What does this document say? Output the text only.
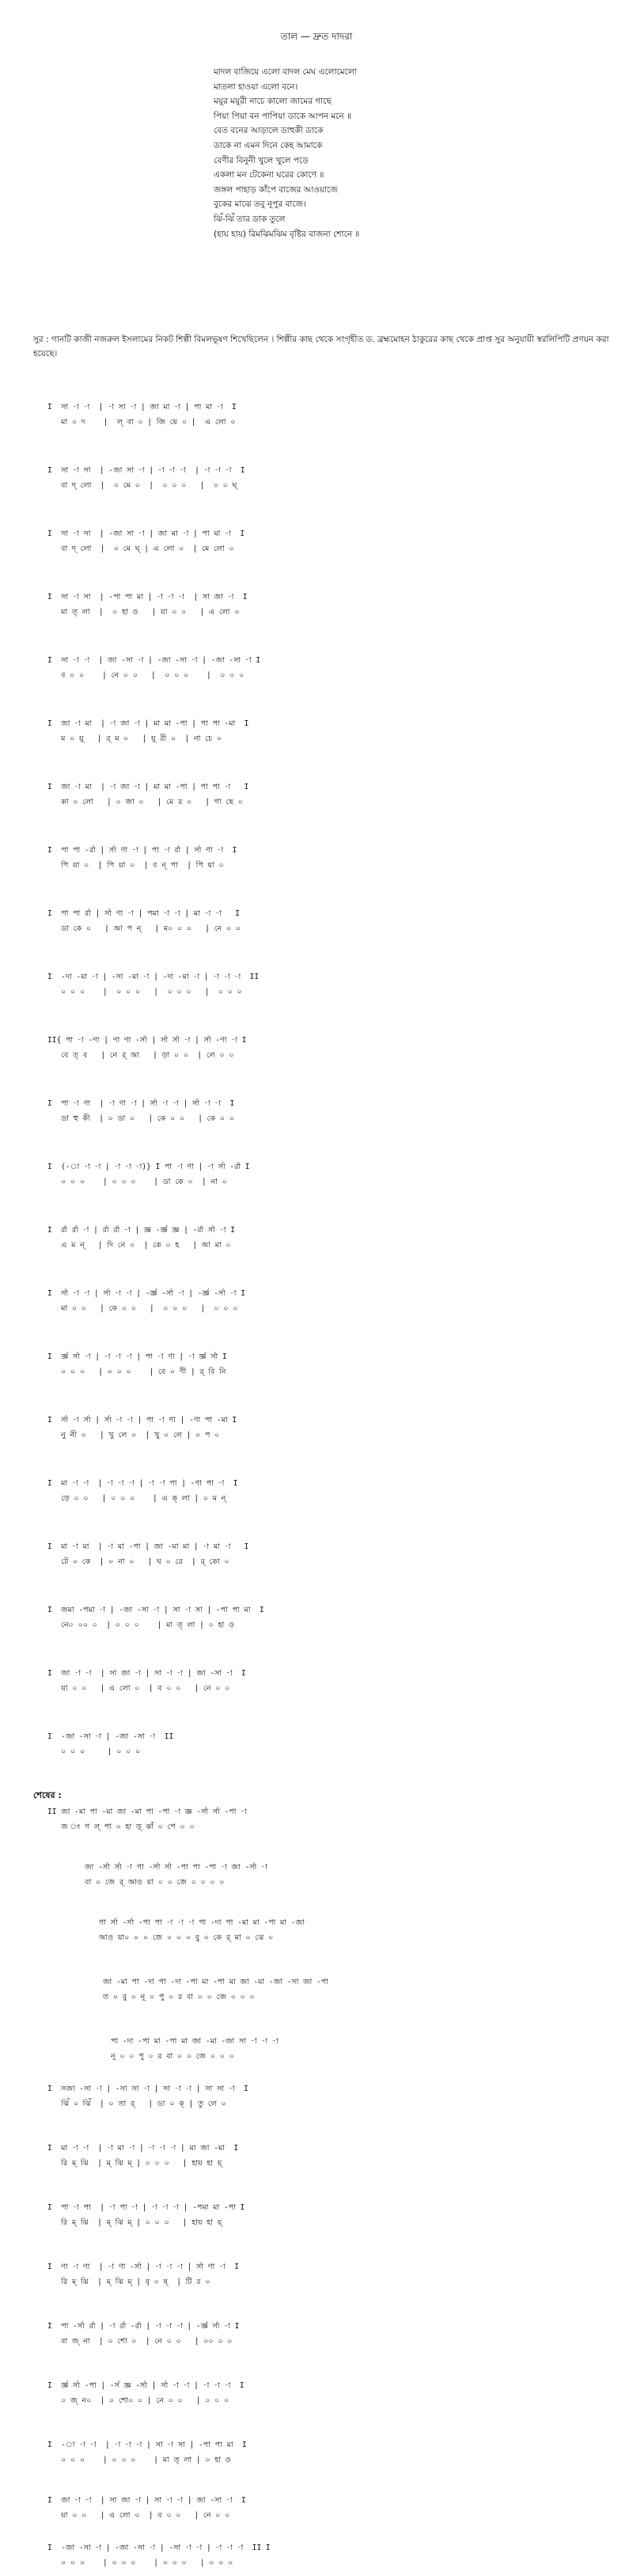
তাল — দ্রুত দাদরা
মাদল বাজিয়ে এলো বাদল মেঘ এলোমেলো
মাতলা হাওয়া এলো বনে।
ময়ূর ময়ূরী নাচে কালো জামের গাছে
পিয়া পিয়া বন পাপিয়া ডাকে আপন মনে ॥
বেত বনের আড়ালে ডাহুকী ডাকে
ডাকে না এমন দিনে কেহ আমাকে
বেণীর বিনুনী খুলে খুলে পড়ে
একলা মন টেকেনা ঘরের কোণে ॥
জঙ্গল পাহাড় কাঁপে বাজের আওয়াজে
বুকের মাঝে তবু নূপুর বাজে।
ঝিঁ-ঝিঁ তার ডাক তুলে
(হায় হায়) রিমঝিমঝিম বৃষ্টির বাজনা শোনে ॥
সুর : গানটি কাজী নজরুল ইসলামের নিকট শিল্পী বিমলভূষণ শিখেছিলেন । শিল্পীর কাছ থেকে সংগৃহীত ড. ব্রহ্মমোহন ঠাকুরের কাছ থেকে প্রাপ্ত সুর অনুযায়ী স্বরলিপিটি প্রণয়ন করা হয়েছে।
I  সা -া -া  | -া সা -া | জা মা -া | পা মা -া  I
মা ০ দ    |  ল্ বা ০ | জি য়ে ০ |  এ লো ০
I  সা -া সা  | -জা সা -া | -া -া -া  | -া -া -া  I
বা দ্ লো  |  ০ মে ০  |  ০ ০ ০   |  ০ ০ ঘ্
I  সা -া সা  | -জা সা -া | জা মা -া | পা মা -া  I
বা দ্ লো  |  ০ মে ঘ্ | এ লো ০  | মে লো ০
I  সা -া সা  | -পা পা মা | -া -া -া  | সা জা -া  I
মা ত্ লা  |  ০ হা ও   | য়া ০ ০   | এ লো ০
I  সা -া -া  | জা -সা -া | -জা -সা -া | -জা -সা -া I
ব ০ ০    | নে ০ ০   |  ০ ০ ০    |  ০ ০ ০
I  জা -া মা  | -া জা -া | মা মা -পা | পা পা -মা  I
ম ০ য়ূ   | র্ ম ০   | য়ূ রী ০  | না চে ০
I  জা -া মা  | -া জা -া | মা মা -পা | পা পা -া   I
কা ০ লো   | ০ জা ০   | মে র ০   | গা ছে ০
I  পা পা -র্রা | র্সা ণা -া | পা -া র্রা | র্সা ণা -া  I
পি য়া ০  | পি য়া ০  | ব ন্ পা  | পি য়া ০
I  পা পা র্রা | র্সা ণা -া | পমা -া -া | মা -া -া   I
ডা কে ০   | আ প ন্   | ম০ ০ ০   | নে ০ ০
I  -দা -মা -া | -সা -মা -া | -দা -মা -া | -া -া -া  II
০ ০ ০    |  ০ ০ ০   |  ০ ০ ০   |  ০ ০ ০
II{ পা -া -ণা | ণা ণা -র্সা | র্সা র্সা -া | র্সা -ণা -া I
বে ত্ ব   | নে র্ আ   | ড়া ০ ০  | লে ০ ০
I  পা -া ণা  | -া ণা -া | র্সা -া -া | র্সা -া -া  I
ডা হু কী  | ০ ডা ০   | কে ০ ০   | কে ০ ০
I  (-া -া -া | -া -া -া)} I পা -া ণা | -া র্সা -র্রা I
০ ০ ০    | ০ ০ ০    | ডা কে ০  | না ০
I  র্রা র্রা -া | র্রা র্রা -া | জ্ঞ -র্জ্ঞ জ্ঞ | -র্রা র্সা -া I
এ ম ন্   | দি নে ০  | কে ০ হ   | আ মা ০
I  র্সা -া -া | র্সা -া -া | -র্জ্ঞ -র্সা -া | -র্জ্ঞ -র্সা -া I
মা ০ ০   | কে ০ ০   |  ০ ০ ০   |  ০ ০ ০
I  র্জ্ঞ র্সা -া | -া -া -া | পা -া ণা | -া র্জ্ঞ র্সা I
০ ০ ০   | ০ ০ ০    | বে ০ ণী | র্ বি নি
I  র্সা -া র্সা | র্সা -া -া | পা -া ণা | -ণা পা -মা I
নু নী ০   | খু লে ০  | খু ০ লে | ০ প ০
I  মা -া -া  | -া -া -া | -া -া পা | -ণা পা -া  I
ড়ে ০ ০   | ০ ০ ০    | এ ক্ লা | ০ ম ন্
I  মা -া মা  | -া মা -পা | জা -মা মা | -া মা -া   I
টে ০ কে  | ০ না ০   | ঘ ০ রে  | র্ কো ০
I  জমা -পমা -া | -জা -সা -া | সা -া সা | -পা পা মা  I
নে০ ০০ ০  | ০ ০ ০    | মা ত্ লা | ০ হা ও
I  জা -া -া  | সা জা -া | সা -া -া | জা -সা -া  I
য়া ০ ০   | এ লো ০  | ব ০ ০   | নে ০ ০
I  -জা -সা -া | -জা -সা -া  II
০ ০ ০     | ০ ০ ০
শেষের :
II জা -মা পা -মা জা -মা পা -পা -া জ্ঞ -র্সা র্সা -পা -া
জ ং গ ল্ পা ০ হা ড়্ কাঁ ০ পে ০ ০
জা -র্সা র্সা -া গা -র্সা র্সা -পা পা -পা -া জা -র্সা -া
বা ০ জে র্ আও য়া ০ ০ জে ০ ০ ০ ০
গা র্সা -র্সা -পা পা -া -া -া পা -দা পা -মা মা -পা মা -জা
আও য়া০ ০ ০ জে ০ ০ ০ বু ০ কে র্ মা ০ ঝে ০
জা -মা পা -দা পা -দা -পা মা -পা মা জা -মা -জা -সা জা -পা
ত ০ বু ০ নূ ০ পু ০ র বা ০ ০ জে ০ ০ ০
পা -দা -পা মা -পা মা জা -মা -জা সা -া -া -া
নূ ০ ০ পু ০ র বা ০ ০ জে ০ ০ ০
I  সজা -সা -া | -সা সা -া | সা -া -া | সা সা -া  I
ঝিঁ ০ ঝিঁ  | ০ তা র্   | ডা ০ ক্ | তু লে ০
I  মা -া -া  | -া মা -া | -া -া -া | মা জা -মা  I
রি ম্ ঝি  | ম্ ঝি ম্ | ০ ০ ০   | হায় হা য়্
I  পা -া পা  | -া পা -া | -া -া -া | -পমা মা -পা I
রি ম্ ঝি  | ম্ ঝি ম্ | ০ ০ ০   | হায় হা য়্
I  ণা -া ণা  | -া ণা -র্সা | -া -া -া | র্সা ণা -া  I
রি ম্ ঝি  | ম্ ঝি ম্ | বৃ ০ ষ্  | টি র ০
I  পা -র্সা র্রা | -া র্রা -র্রা | -া -া -া | -র্জ্ঞ র্সা -া I
বা জ্ না  | ০ শো ০  | নে ০ ০   | ০০ ০ ০
I  র্জ্ঞ র্সা -পা | -র্স জ্ঞ -র্সা | র্সা -া -া | -া -া -া  I
০ জ্ ন০  | ০ শো০ ০ | নে ০ ০   | ০ ০ ০
I  -া -া -া  | -া -া -া | সা -া সা | -পা পা মা  I
০ ০ ০    | ০ ০ ০    | মা ত্ লা | ০ হা ও
I  জা -া -া  | সা জা -া | সা -া -া | জা -সা -া  I
য়া ০ ০   | এ লো ০  | ব ০ ০   | নে ০ ০
I  -জা -সা -া | -জা -সা -া | -সা -া -া | -া -া -া  II I
০ ০ ০    | ০ ০ ০    | ০ ০ ০   | ০ ০ ০
